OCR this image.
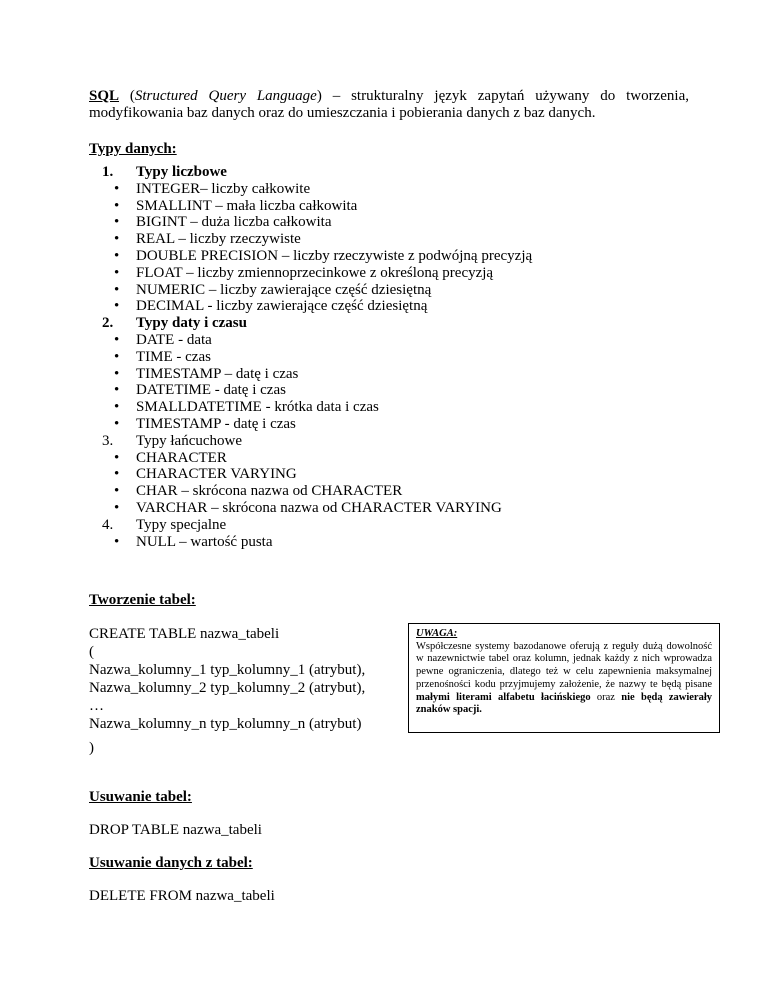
SQL (Structured Query Language) – strukturalny język zapytań używany do tworzenia, modyfikowania baz danych oraz do umieszczania i pobierania danych z baz danych.

Typy danych:
1. Typy liczbowe
• INTEGER– liczby całkowite
• SMALLINT – mała liczba całkowita
• BIGINT – duża liczba całkowita
• REAL – liczby rzeczywiste
• DOUBLE PRECISION – liczby rzeczywiste z podwójną precyzją
• FLOAT – liczby zmiennoprzecinkowe z określoną precyzją
• NUMERIC – liczby zawierające część dziesiętną
• DECIMAL - liczby zawierające część dziesiętną
2. Typy daty i czasu
• DATE - data
• TIME - czas
• TIMESTAMP – datę i czas
• DATETIME - datę i czas
• SMALLDATETIME - krótka data i czas
• TIMESTAMP - datę i czas
3. Typy łańcuchowe
• CHARACTER
• CHARACTER VARYING
• CHAR – skrócona nazwa od CHARACTER
• VARCHAR – skrócona nazwa od CHARACTER VARYING
4. Typy specjalne
• NULL – wartość pusta
Tworzenie tabel:
CREATE TABLE nazwa_tabeli
(
Nazwa_kolumny_1 typ_kolumny_1 (atrybut),
Nazwa_kolumny_2 typ_kolumny_2 (atrybut),
…
Nazwa_kolumny_n typ_kolumny_n (atrybut)
)
UWAGA:
Współczesne systemy bazodanowe oferują z reguły dużą dowolność w nazewnictwie tabel oraz kolumn, jednak każdy z nich wprowadza pewne ograniczenia, dlatego też w celu zapewnienia maksymalnej przenośności kodu przyjmujemy założenie, że nazwy te będą pisane małymi literami alfabetu łacińskiego oraz nie będą zawierały znaków spacji.
Usuwanie tabel:
DROP TABLE nazwa_tabeli
Usuwanie danych z tabel:
DELETE FROM nazwa_tabeli
